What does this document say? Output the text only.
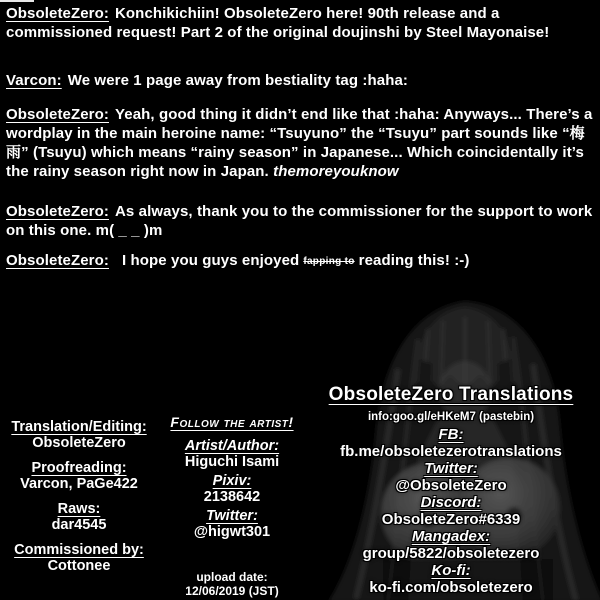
ObsoleteZero: Konchikichiin! ObsoleteZero here! 90th release and a commissioned request! Part 2 of the original doujinshi by Steel Mayonaise!

Varcon: We were 1 page away from bestiality tag :haha:

ObsoleteZero: Yeah, good thing it didn’t end like that :haha: Anyways... There’s a wordplay in the main heroine name: “Tsuyuno” the “Tsuyu” part sounds like “梅雨” (Tsuyu) which means “rainy season” in Japanese... Which coincidentally it’s the rainy season right now in Japan. themoreyouknow

ObsoleteZero: As always, thank you to the commissioner for the support to work on this one. m( _ _ )m

ObsoleteZero: I hope you guys enjoyed fapping to reading this! :-)

Translation/Editing:
ObsoleteZero
Proofreading:
Varcon, PaGe422
Raws:
dar4545
Commissioned by:
Cottonee
Follow the artist!
Artist/Author:
Higuchi Isami
Pixiv:
2138642
Twitter:
@higwt301
upload date:
12/06/2019 (JST)
ObsoleteZero Translations
info:goo.gl/eHKeM7 (pastebin)
FB:
fb.me/obsoletezerotranslations
Twitter:
@ObsoleteZero
Discord:
ObsoleteZero#6339
Mangadex:
group/5822/obsoletezero
Ko-fi:
ko-fi.com/obsoletezero
